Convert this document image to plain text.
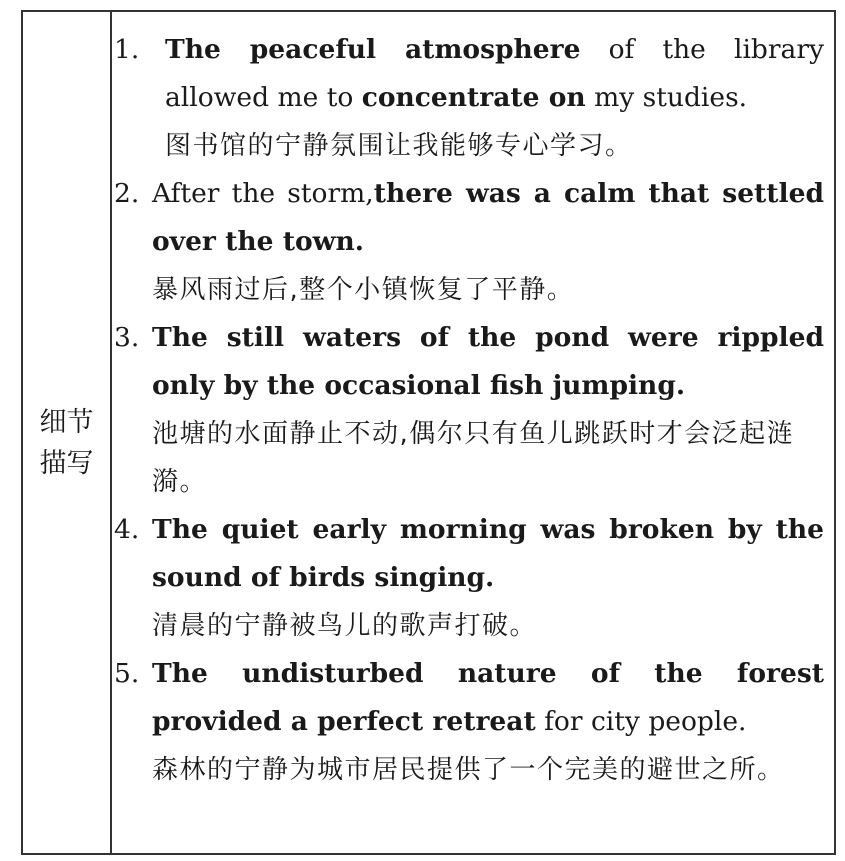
细节描写
1. The peaceful atmosphere of the library allowed me to concentrate on my studies.
图书馆的宁静氛围让我能够专心学习。
2. After the storm,there was a calm that settled over the town.
暴风雨过后,整个小镇恢复了平静。
3. The still waters of the pond were rippled only by the occasional fish jumping.
池塘的水面静止不动,偶尔只有鱼儿跳跃时才会泛起涟漪。
4. The quiet early morning was broken by the sound of birds singing.
清晨的宁静被鸟儿的歌声打破。
5. The undisturbed nature of the forest provided a perfect retreat for city people.
森林的宁静为城市居民提供了一个完美的避世之所。
